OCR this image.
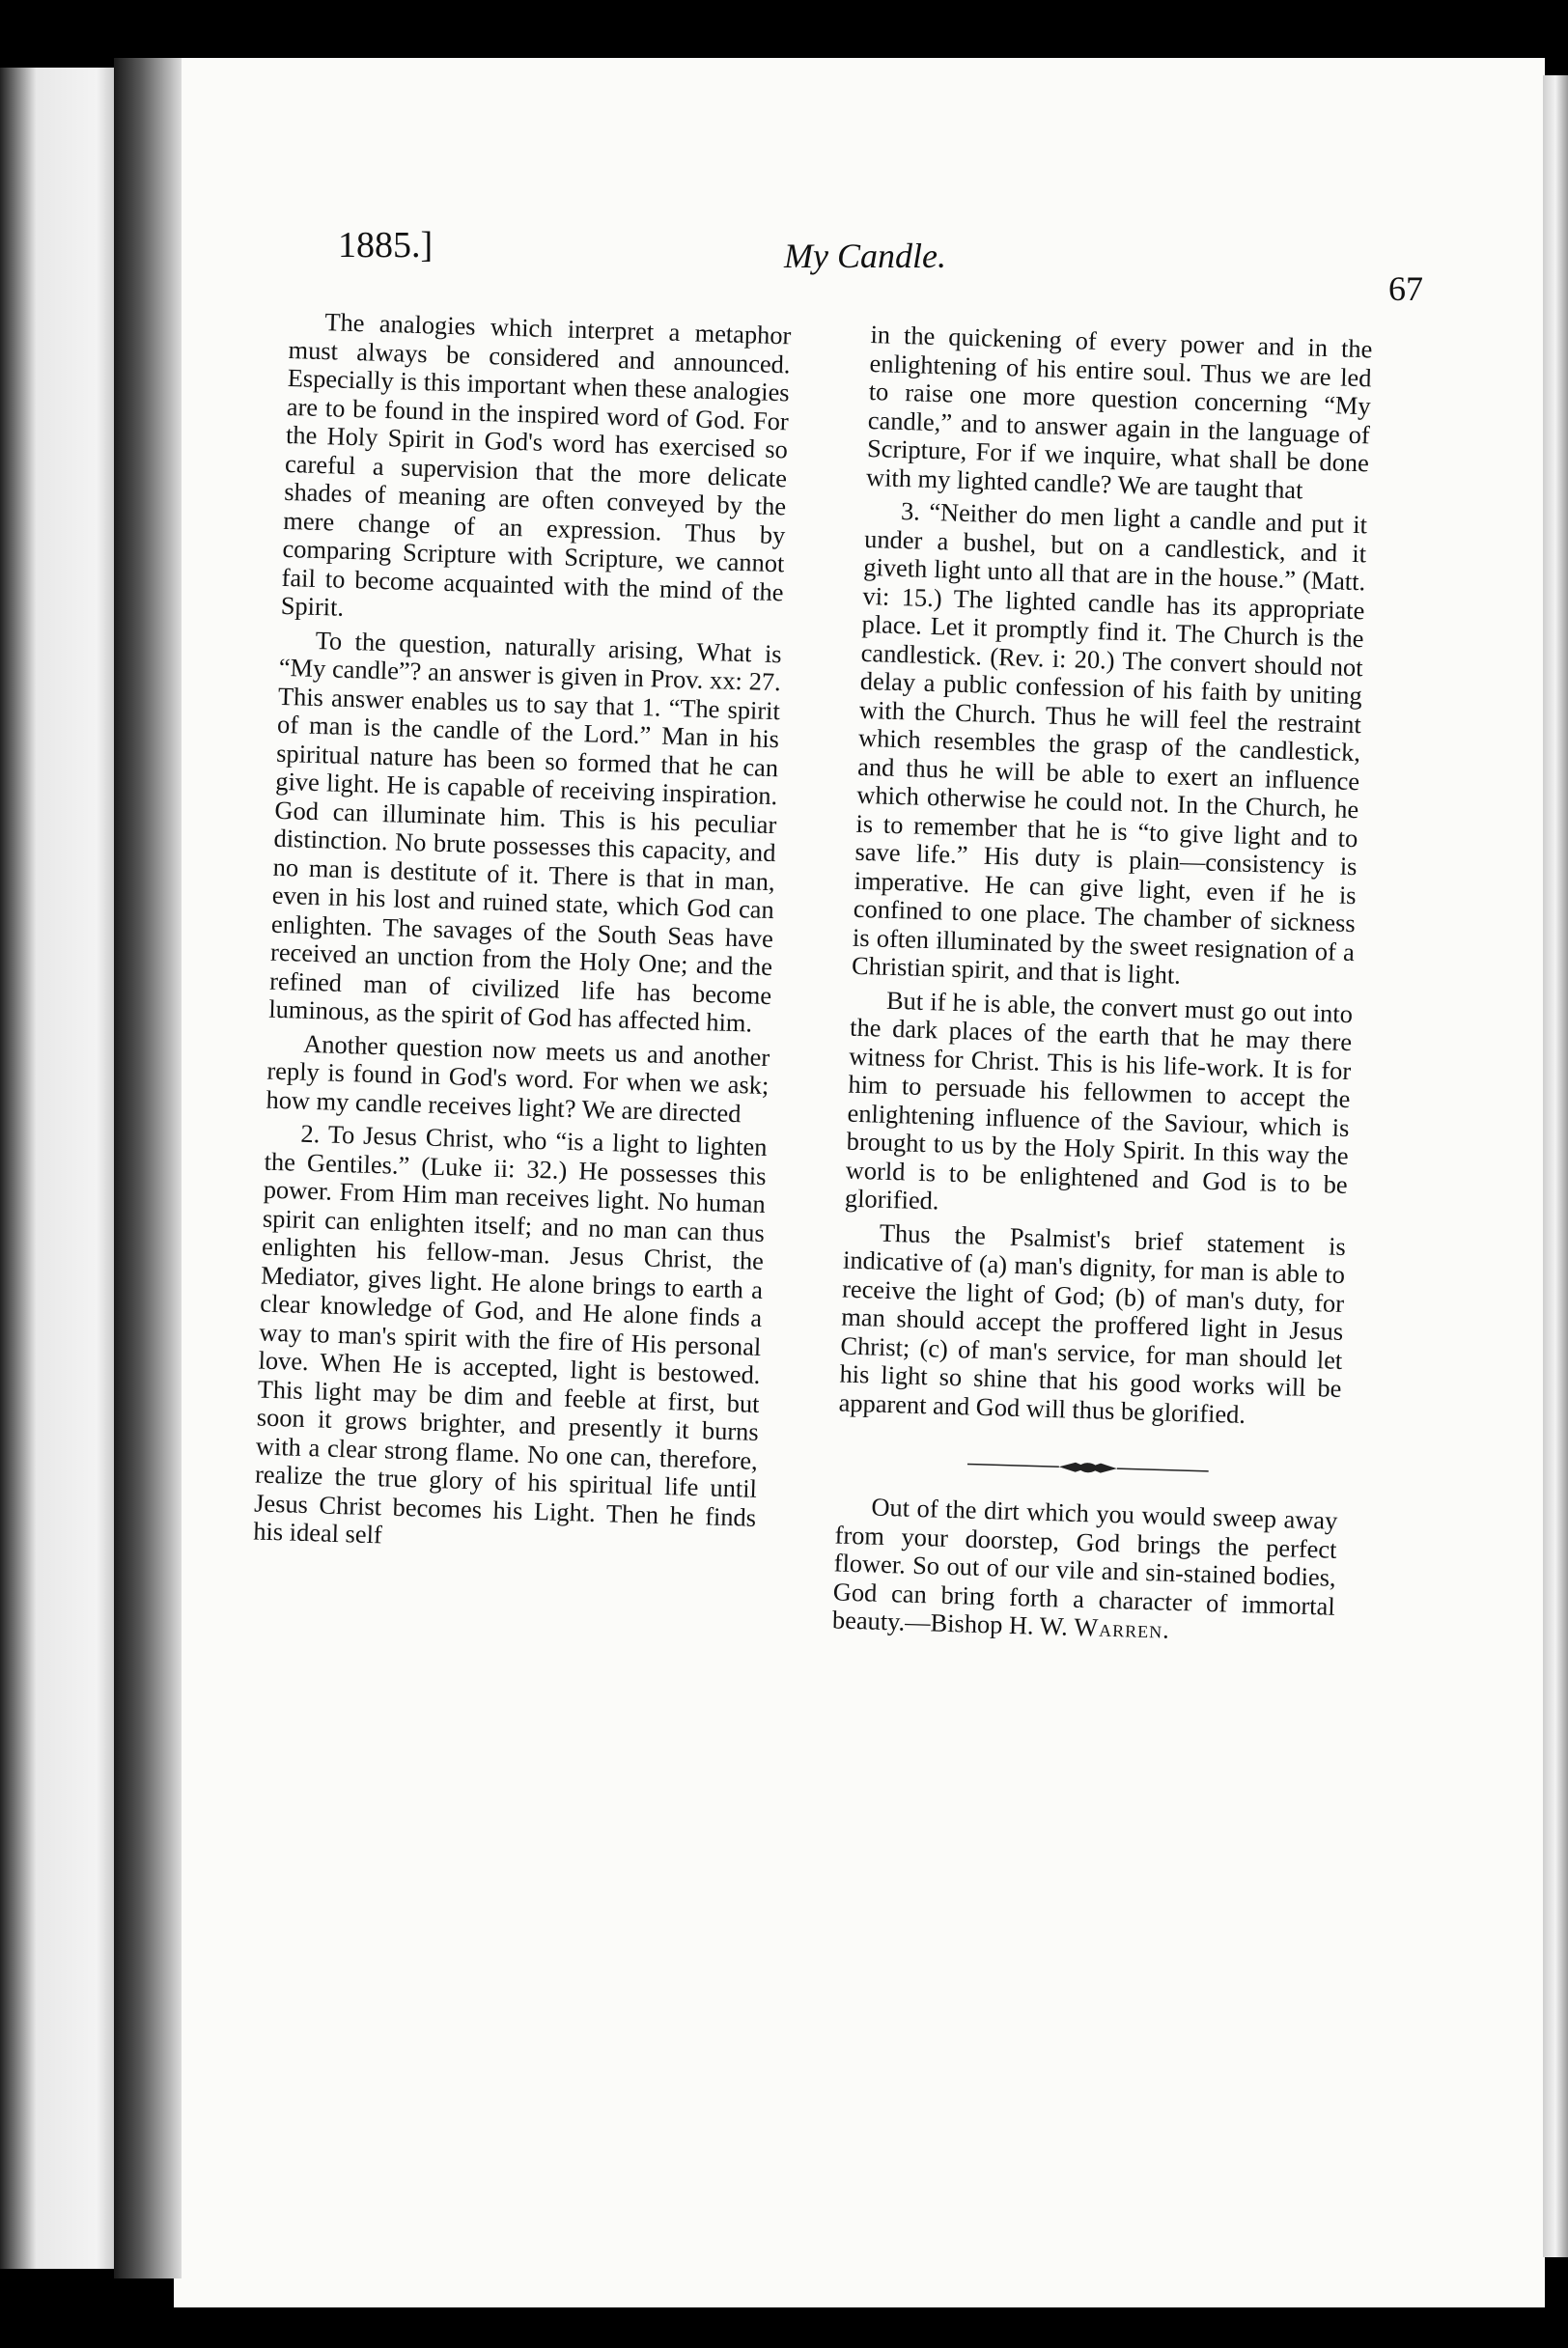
1885.]	My Candle.
67

The analogies which interpret a metaphor must always be considered and announced. Especially is this important when these analogies are to be found in the inspired word of God. For the Holy Spirit in God's word has exercised so careful a supervision that the more delicate shades of meaning are often conveyed by the mere change of an expression. Thus by comparing Scripture with Scripture, we cannot fail to become acquainted with the mind of the Spirit.

To the question, naturally arising, What is “My candle”? an answer is given in Prov. xx: 27. This answer enables us to say that 1. “The spirit of man is the candle of the Lord.” Man in his spiritual nature has been so formed that he can give light. He is capable of receiving inspiration. God can illuminate him. This is his peculiar distinction. No brute possesses this capacity, and no man is destitute of it. There is that in man, even in his lost and ruined state, which God can enlighten. The savages of the South Seas have received an unction from the Holy One; and the refined man of civilized life has become luminous, as the spirit of God has affected him.

Another question now meets us and another reply is found in God's word. For when we ask; how my candle receives light? We are directed

2. To Jesus Christ, who “is a light to lighten the Gentiles.” (Luke ii: 32.) He possesses this power. From Him man receives light. No human spirit can enlighten itself; and no man can thus enlighten his fellow-man. Jesus Christ, the Mediator, gives light. He alone brings to earth a clear knowledge of God, and He alone finds a way to man's spirit with the fire of His personal love. When He is accepted, light is bestowed. This light may be dim and feeble at first, but soon it grows brighter, and presently it burns with a clear strong flame. No one can, therefore, realize the true glory of his spiritual life until Jesus Christ becomes his Light. Then he finds his ideal self

in the quickening of every power and in the enlightening of his entire soul. Thus we are led to raise one more question concerning “My candle,” and to answer again in the language of Scripture, For if we inquire, what shall be done with my lighted candle? We are taught that

3. “Neither do men light a candle and put it under a bushel, but on a candlestick, and it giveth light unto all that are in the house.” (Matt. vi: 15.) The lighted candle has its appropriate place. Let it promptly find it. The Church is the candlestick. (Rev. i: 20.) The convert should not delay a public confession of his faith by uniting with the Church. Thus he will feel the restraint which resembles the grasp of the candlestick, and thus he will be able to exert an influence which otherwise he could not. In the Church, he is to remember that he is “to give light and to save life.” His duty is plain—consistency is imperative. He can give light, even if he is confined to one place. The chamber of sickness is often illuminated by the sweet resignation of a Christian spirit, and that is light.

But if he is able, the convert must go out into the dark places of the earth that he may there witness for Christ. This is his life-work. It is for him to persuade his fellowmen to accept the enlightening influence of the Saviour, which is brought to us by the Holy Spirit. In this way the world is to be enlightened and God is to be glorified.

Thus the Psalmist's brief statement is indicative of (a) man's dignity, for man is able to receive the light of God; (b) of man's duty, for man should accept the proffered light in Jesus Christ; (c) of man's service, for man should let his light so shine that his good works will be apparent and God will thus be glorified.

Out of the dirt which you would sweep away from your doorstep, God brings the perfect flower. So out of our vile and sin-stained bodies, God can bring forth a character of immortal beauty.—Bishop H. W. Warren.
